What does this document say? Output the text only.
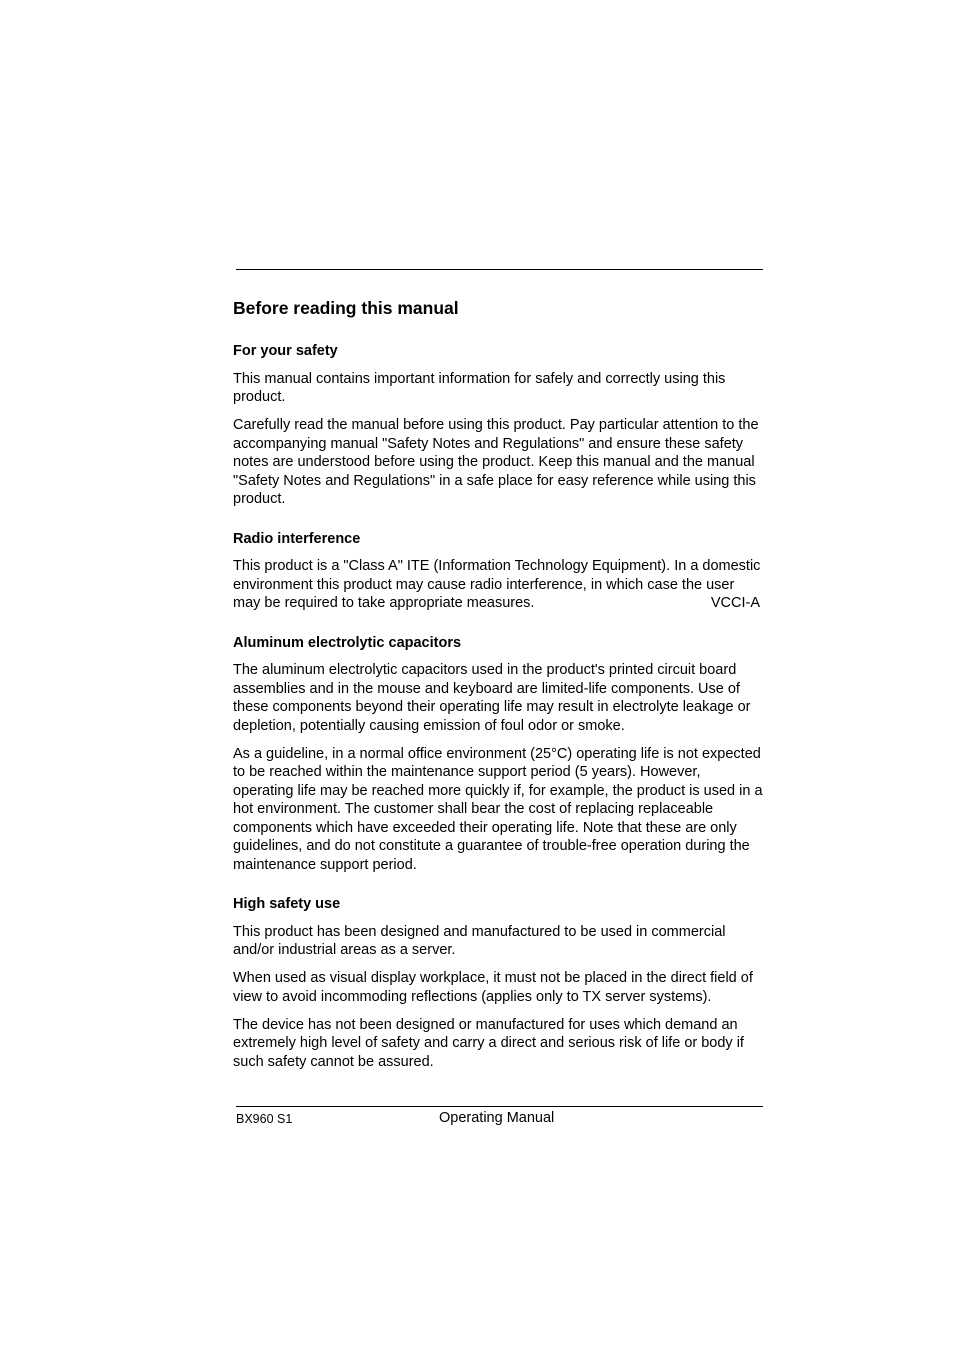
Before reading this manual
For your safety

This manual contains important information for safely and correctly using this product.

Carefully read the manual before using this product. Pay particular attention to the accompanying manual "Safety Notes and Regulations" and ensure these safety notes are understood before using the product. Keep this manual and the manual "Safety Notes and Regulations" in a safe place for easy reference while using this product.

Radio interference

This product is a "Class A" ITE (Information Technology Equipment). In a domestic environment this product may cause radio interference, in which case the user may be required to take appropriate measures.	VCCI-A

Aluminum electrolytic capacitors

The aluminum electrolytic capacitors used in the product's printed circuit board assemblies and in the mouse and keyboard are limited-life components. Use of these components beyond their operating life may result in electrolyte leakage or depletion, potentially causing emission of foul odor or smoke.

As a guideline, in a normal office environment (25°C) operating life is not expected to be reached within the maintenance support period (5 years). However, operating life may be reached more quickly if, for example, the product is used in a hot environment. The customer shall bear the cost of replacing replaceable components which have exceeded their operating life. Note that these are only guidelines, and do not constitute a guarantee of trouble-free operation during the maintenance support period.

High safety use

This product has been designed and manufactured to be used in commercial and/or industrial areas as a server.

When used as visual display workplace, it must not be placed in the direct field of view to avoid incommoding reflections (applies only to TX server systems).

The device has not been designed or manufactured for uses which demand an extremely high level of safety and carry a direct and serious risk of life or body if such safety cannot be assured.

BX960 S1	Operating Manual
